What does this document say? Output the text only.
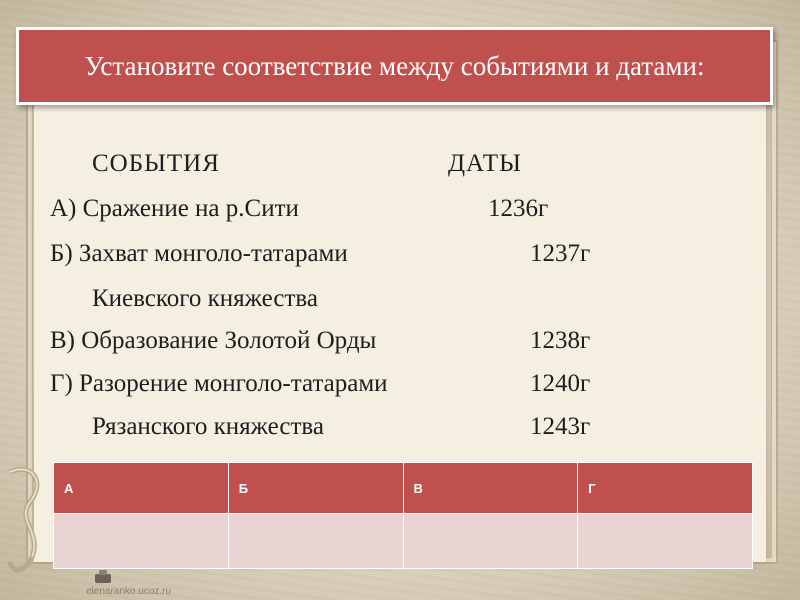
Установите соответствие между событиями и датами:
СОБЫТИЯ	ДАТЫ
А) Сражение на р.Сити	1236г
Б) Захват монголо-татарами	1237г
Киевского княжества
В) Образование Золотой Орды	1238г
Г) Разорение монголо-татарами	1240г
Рязанского княжества	1243г
А	Б	В	Г

elenaranko.ucoz.ru
